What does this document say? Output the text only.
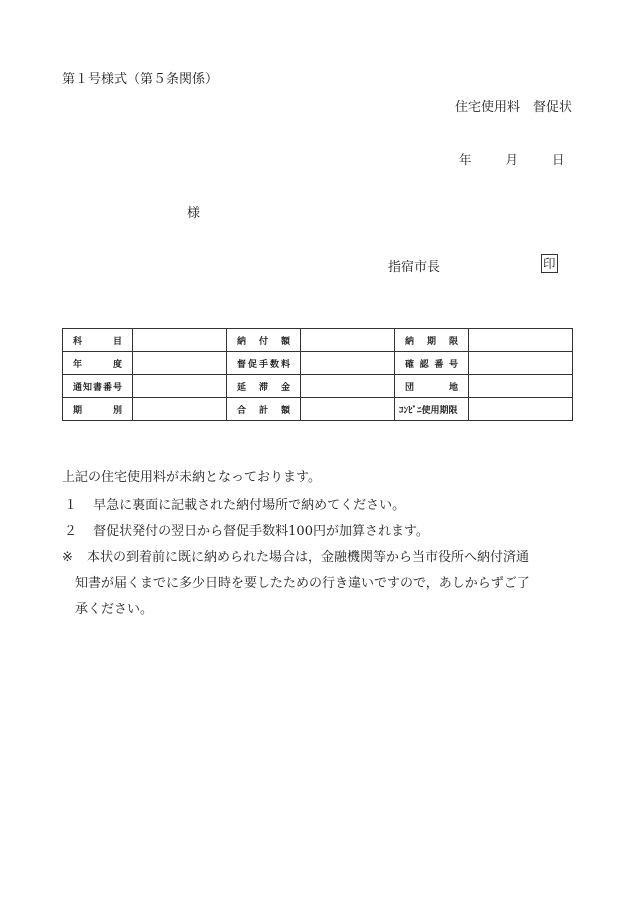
第１号様式（第５条関係）
住宅使用料　督促状
年	月	日
様
指宿市長	印
科　　目		納　付　額		納　期　限	
年　　度		督促手数料		確認番号	
通知書番号		延　滞　金		団　　地	
期　　別		合　計　額		ｺﾝﾋﾞﾆ使用期限	
上記の住宅使用料が未納となっております。
１ 早急に裏面に記載された納付場所で納めてください。
２ 督促状発付の翌日から督促手数料100円が加算されます。
※ 本状の到着前に既に納められた場合は，金融機関等から当市役所へ納付済通
知書が届くまでに多少日時を要したための行き違いですので，あしからずご了
承ください。
